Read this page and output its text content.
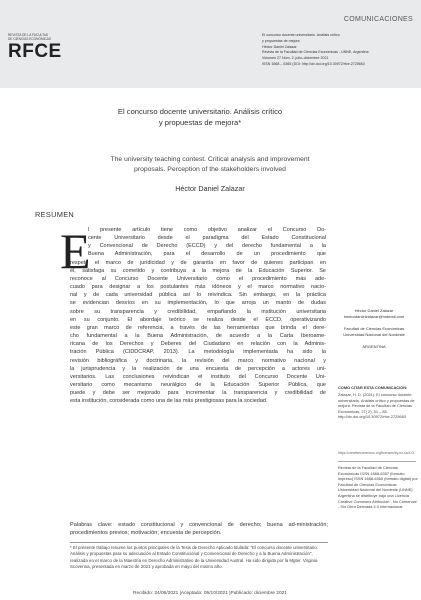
COMUNICACIONES
REVISTA DE LA FACULTAD
DE CIENCIAS ECONÓMICAS
RFCE
El concurso docente universitario. Análisis crítico
y propuestas de mejora
Héctor Daniel Zalazar
Revista de la Facultad de Ciencias Económicas - UNNE, Argentina
Volumen 27 Núm. 2, julio–diciembre 2021
ISSN 1668 – 6365 (DOI: http://dx.doi.org/10.30972/rfce.2725663
El concurso docente universitario. Análisis crítico
y propuestas de mejora*
The university teaching contest. Critical analysis and improvement
proposals. Perception of the stakeholders involved
Héctor Daniel Zalazar
RESUMEN
E
l presente artículo tiene como objetivo analizar el Concurso Do-
cente Universitario desde el paradigma del Estado Constitucional
y Convencional de Derecho (ECCD) y del derecho fundamental a la
Buena Administración, para el desarrollo de un procedimiento que
respete el marco de juridicidad y de garantía en favor de quienes participan en
él, satisfaga su cometido y contribuya a la mejora de la Educación Superior. Se
reconoce al Concurso Docente Universitario como el procedimiento más ade-
cuado para designar a los postulantes más idóneos y el marco normativo nacio-
nal y de cada universidad pública así lo reivindica. Sin embargo, en la práctica
se evidencian desvíos en su implementación, lo que arroja un manto de dudas
sobre su transparencia y credibilidad, empañando la institución universitaria
en su conjunto. El abordaje teórico se realiza desde el ECCD, operativizando
este gran marco de referencia, a través de las herramientas que brinda el dere-
cho fundamental a la Buena Administración, de acuerdo a la Carta Iberoame-
ricana de los Derechos y Deberes del Ciudadano en relación con la Adminis-
tración Pública (CIDDCRAP, 2013). La metodología implementada ha sido la
revisión bibliográfica y doctrinaria, la revisión del marco normativo nacional y
la jurisprudencia y la realización de una encuesta de percepción a actores uni-
versitarios. Las conclusiones reivindican el instituto del Concurso Docente Uni-
versitario como mecanismo neurálgico de la Educación Superior Pública, que
puede y debe ser mejorado para incrementar la transparencia y credibilidad de
esta institución, considerada como una de las más prestigiosas para la sociedad.
Palabras clave: estado constitucional y convencional de derecho; buena ad-ministración; procedimientos previos; motivación; encuesta de percepción.
* El presente trabajo resume los puntos principales de la Tesis de Derecho Aplicado titulada: "El concurso docente universitario. Análisis y propuestas para su adecuación al Estado Constitucional y Convencional de Derecho y a la Buena Administración", realizada en el marco de la Maestría en Derecho Administrativo de la Universidad Austral. Ha sido dirigida por la Mgter. Virginia Scovenna, presentada en marzo de 2021 y aprobada en mayo del mismo año.
Recibido: 24/06/2021 |Aceptado: 05/10/2021 |Publicado: diciembre 2021
Héctor Daniel Zalazar
hectordanielzalazar@hotmail.com
Facultad de Ciencias Económicas
Universidad Nacional del Nordeste
ARGENTINA
COMO CITAR ESTA COMUNICACIÓN:
Zalazar, H. D. (2021). El concurso docente universitario. Análisis crítico y propuestas de mejora. Revista de la Facultad de Ciencias Económicas, 27( 2), 51 – 85. http://dx.doi.org/10.30972/rfce.2725663
https://creativecommons.org/licenses/by-nc-sa/4.0/
Revista de la Facultad de Ciencias Económicas ISSN 1668-6357 (formato impreso) ISSN 1668-6365 (formato digital) por Facultad de Ciencias Económicas Universidad Nacional del Nordeste (UNNE) Argentina se distribuye bajo una Licencia Creative Commons Atribución - No Comercial - Sin Obra Derivada 4.0 Internacional.
